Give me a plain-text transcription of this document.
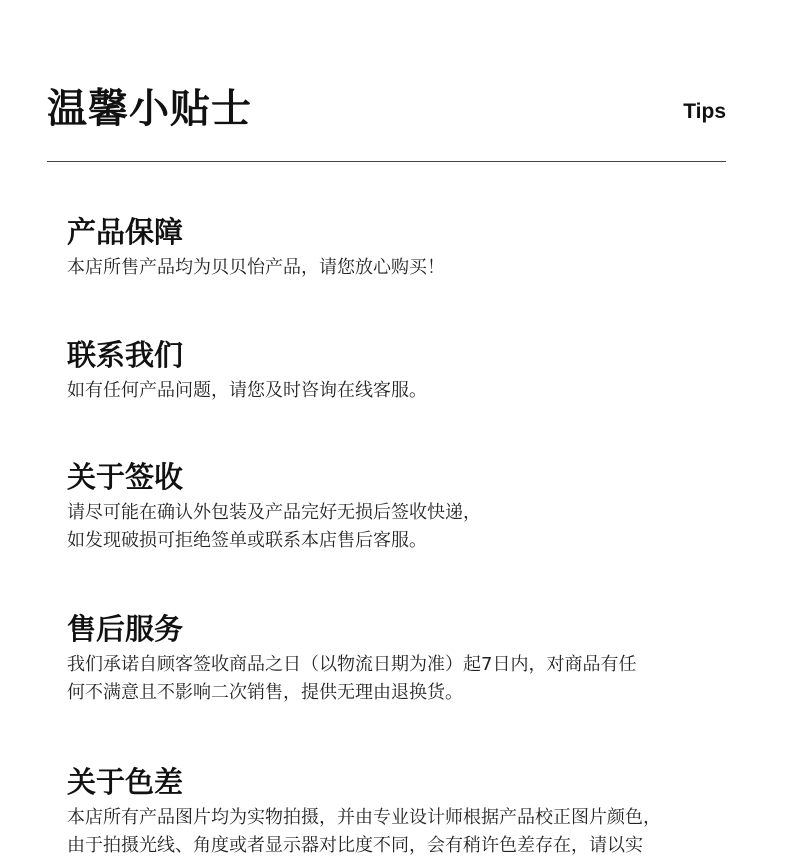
温馨小贴士	Tips
产品保障

本店所售产品均为贝贝怡产品，请您放心购买！

联系我们

如有任何产品问题，请您及时咨询在线客服。

关于签收

请尽可能在确认外包装及产品完好无损后签收快递，

如发现破损可拒绝签单或联系本店售后客服。

售后服务

我们承诺自顾客签收商品之日（以物流日期为准）起7日内，对商品有任

何不满意且不影响二次销售，提供无理由退换货。

关于色差

本店所有产品图片均为实物拍摄，并由专业设计师根据产品校正图片颜色，

由于拍摄光线、角度或者显示器对比度不同，会有稍许色差存在，请以实
